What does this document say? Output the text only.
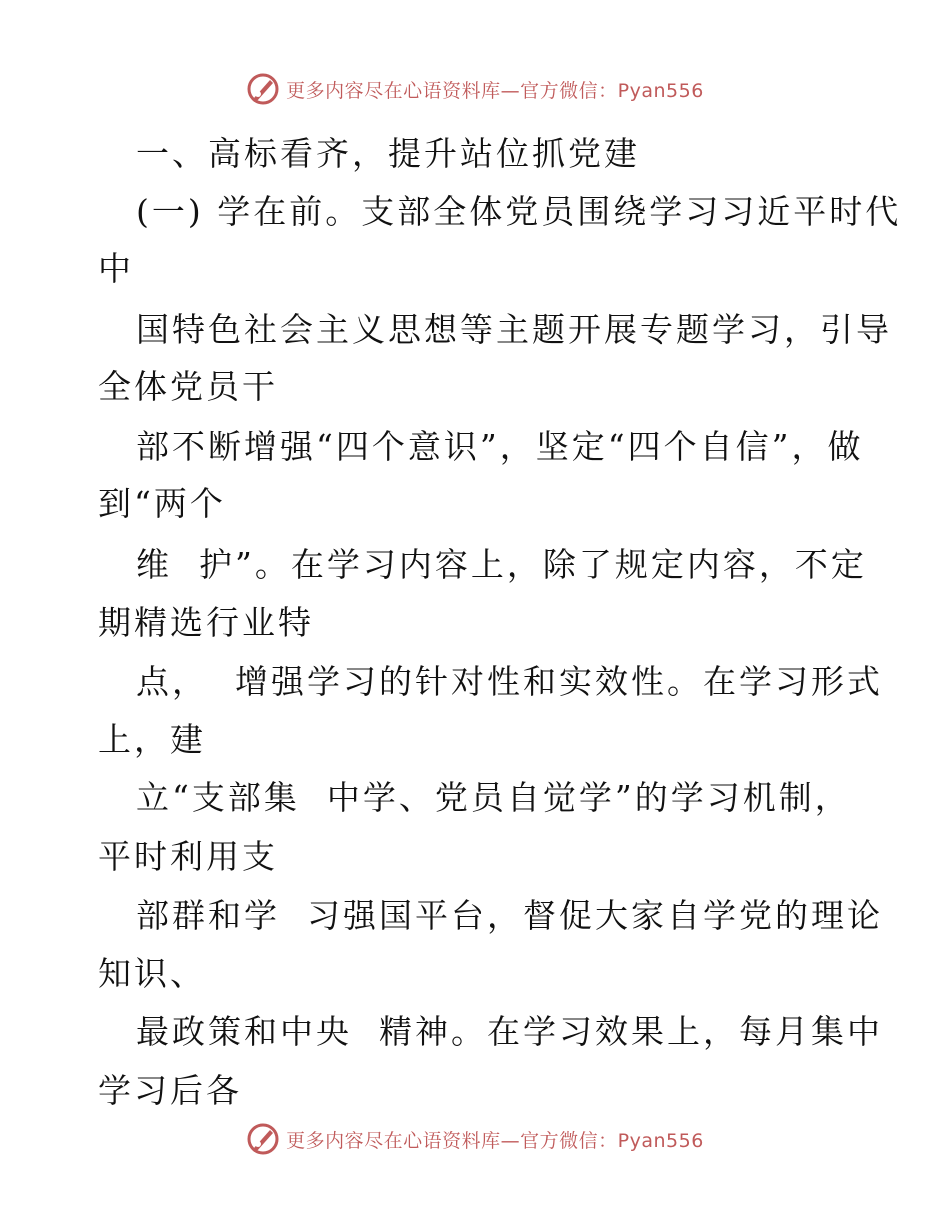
更多内容尽在心语资料库—官方微信：Pyan556
一、高标看齐，提升站位抓党建
(一) 学在前。支部全体党员围绕学习习近平时代
中
国特色社会主义思想等主题开展专题学习，引导
全体党员干
部不断增强“四个意识”，坚定“四个自信”，做
到“两个
维  护”。在学习内容上，除了规定内容，不定
期精选行业特
点，  增强学习的针对性和实效性。在学习形式
上，建
立“支部集  中学、党员自觉学”的学习机制，
平时利用支
部群和学  习强国平台，督促大家自学党的理论
知识、
最政策和中央  精神。在学习效果上，每月集中
学习后各
更多内容尽在心语资料库—官方微信：Pyan556
